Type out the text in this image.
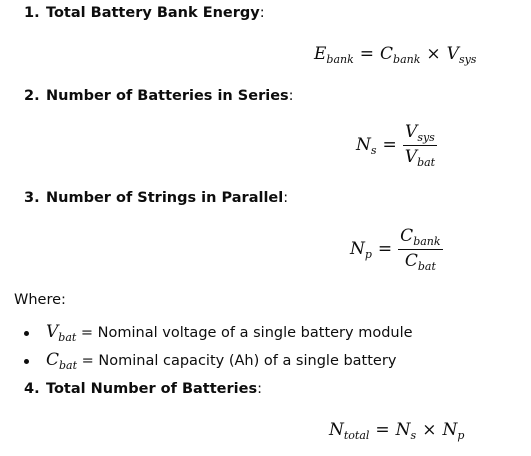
1. Total Battery Bank Energy:
$E_{bank} = C_{bank} \times V_{sys}$
2. Number of Batteries in Series:
$N_s = \frac{V_{sys}}{V_{bat}}$
3. Number of Strings in Parallel:
$N_p = \frac{C_{bank}}{C_{bat}}$
Where:
$V_{bat}$ = Nominal voltage of a single battery module
$C_{bat}$ = Nominal capacity (Ah) of a single battery
4. Total Number of Batteries:
$N_{total} = N_s \times N_p$
